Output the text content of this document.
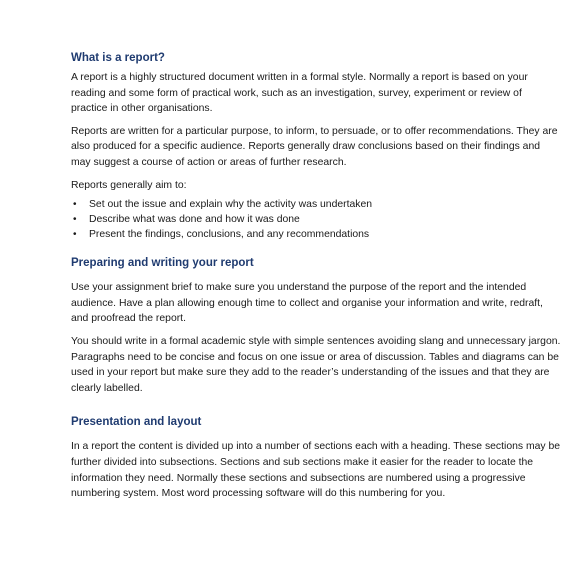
What is a report?

A report is a highly structured document written in a formal style. Normally a report is based on your reading and some form of practical work, such as an investigation, survey, experiment or review of practice in other organisations.

Reports are written for a particular purpose, to inform, to persuade, or to offer recommendations. They are also produced for a specific audience. Reports generally draw conclusions based on their findings and may suggest a course of action or areas of further research.

Reports generally aim to:

• Set out the issue and explain why the activity was undertaken
• Describe what was done and how it was done
• Present the findings, conclusions, and any recommendations
Preparing and writing your report

Use your assignment brief to make sure you understand the purpose of the report and the intended audience. Have a plan allowing enough time to collect and organise your information and write, redraft, and proofread the report.

You should write in a formal academic style with simple sentences avoiding slang and unnecessary jargon. Paragraphs need to be concise and focus on one issue or area of discussion. Tables and diagrams can be used in your report but make sure they add to the reader’s understanding of the issues and that they are clearly labelled.

Presentation and layout

In a report the content is divided up into a number of sections each with a heading. These sections may be further divided into subsections. Sections and sub sections make it easier for the reader to locate the information they need. Normally these sections and subsections are numbered using a progressive numbering system. Most word processing software will do this numbering for you.
